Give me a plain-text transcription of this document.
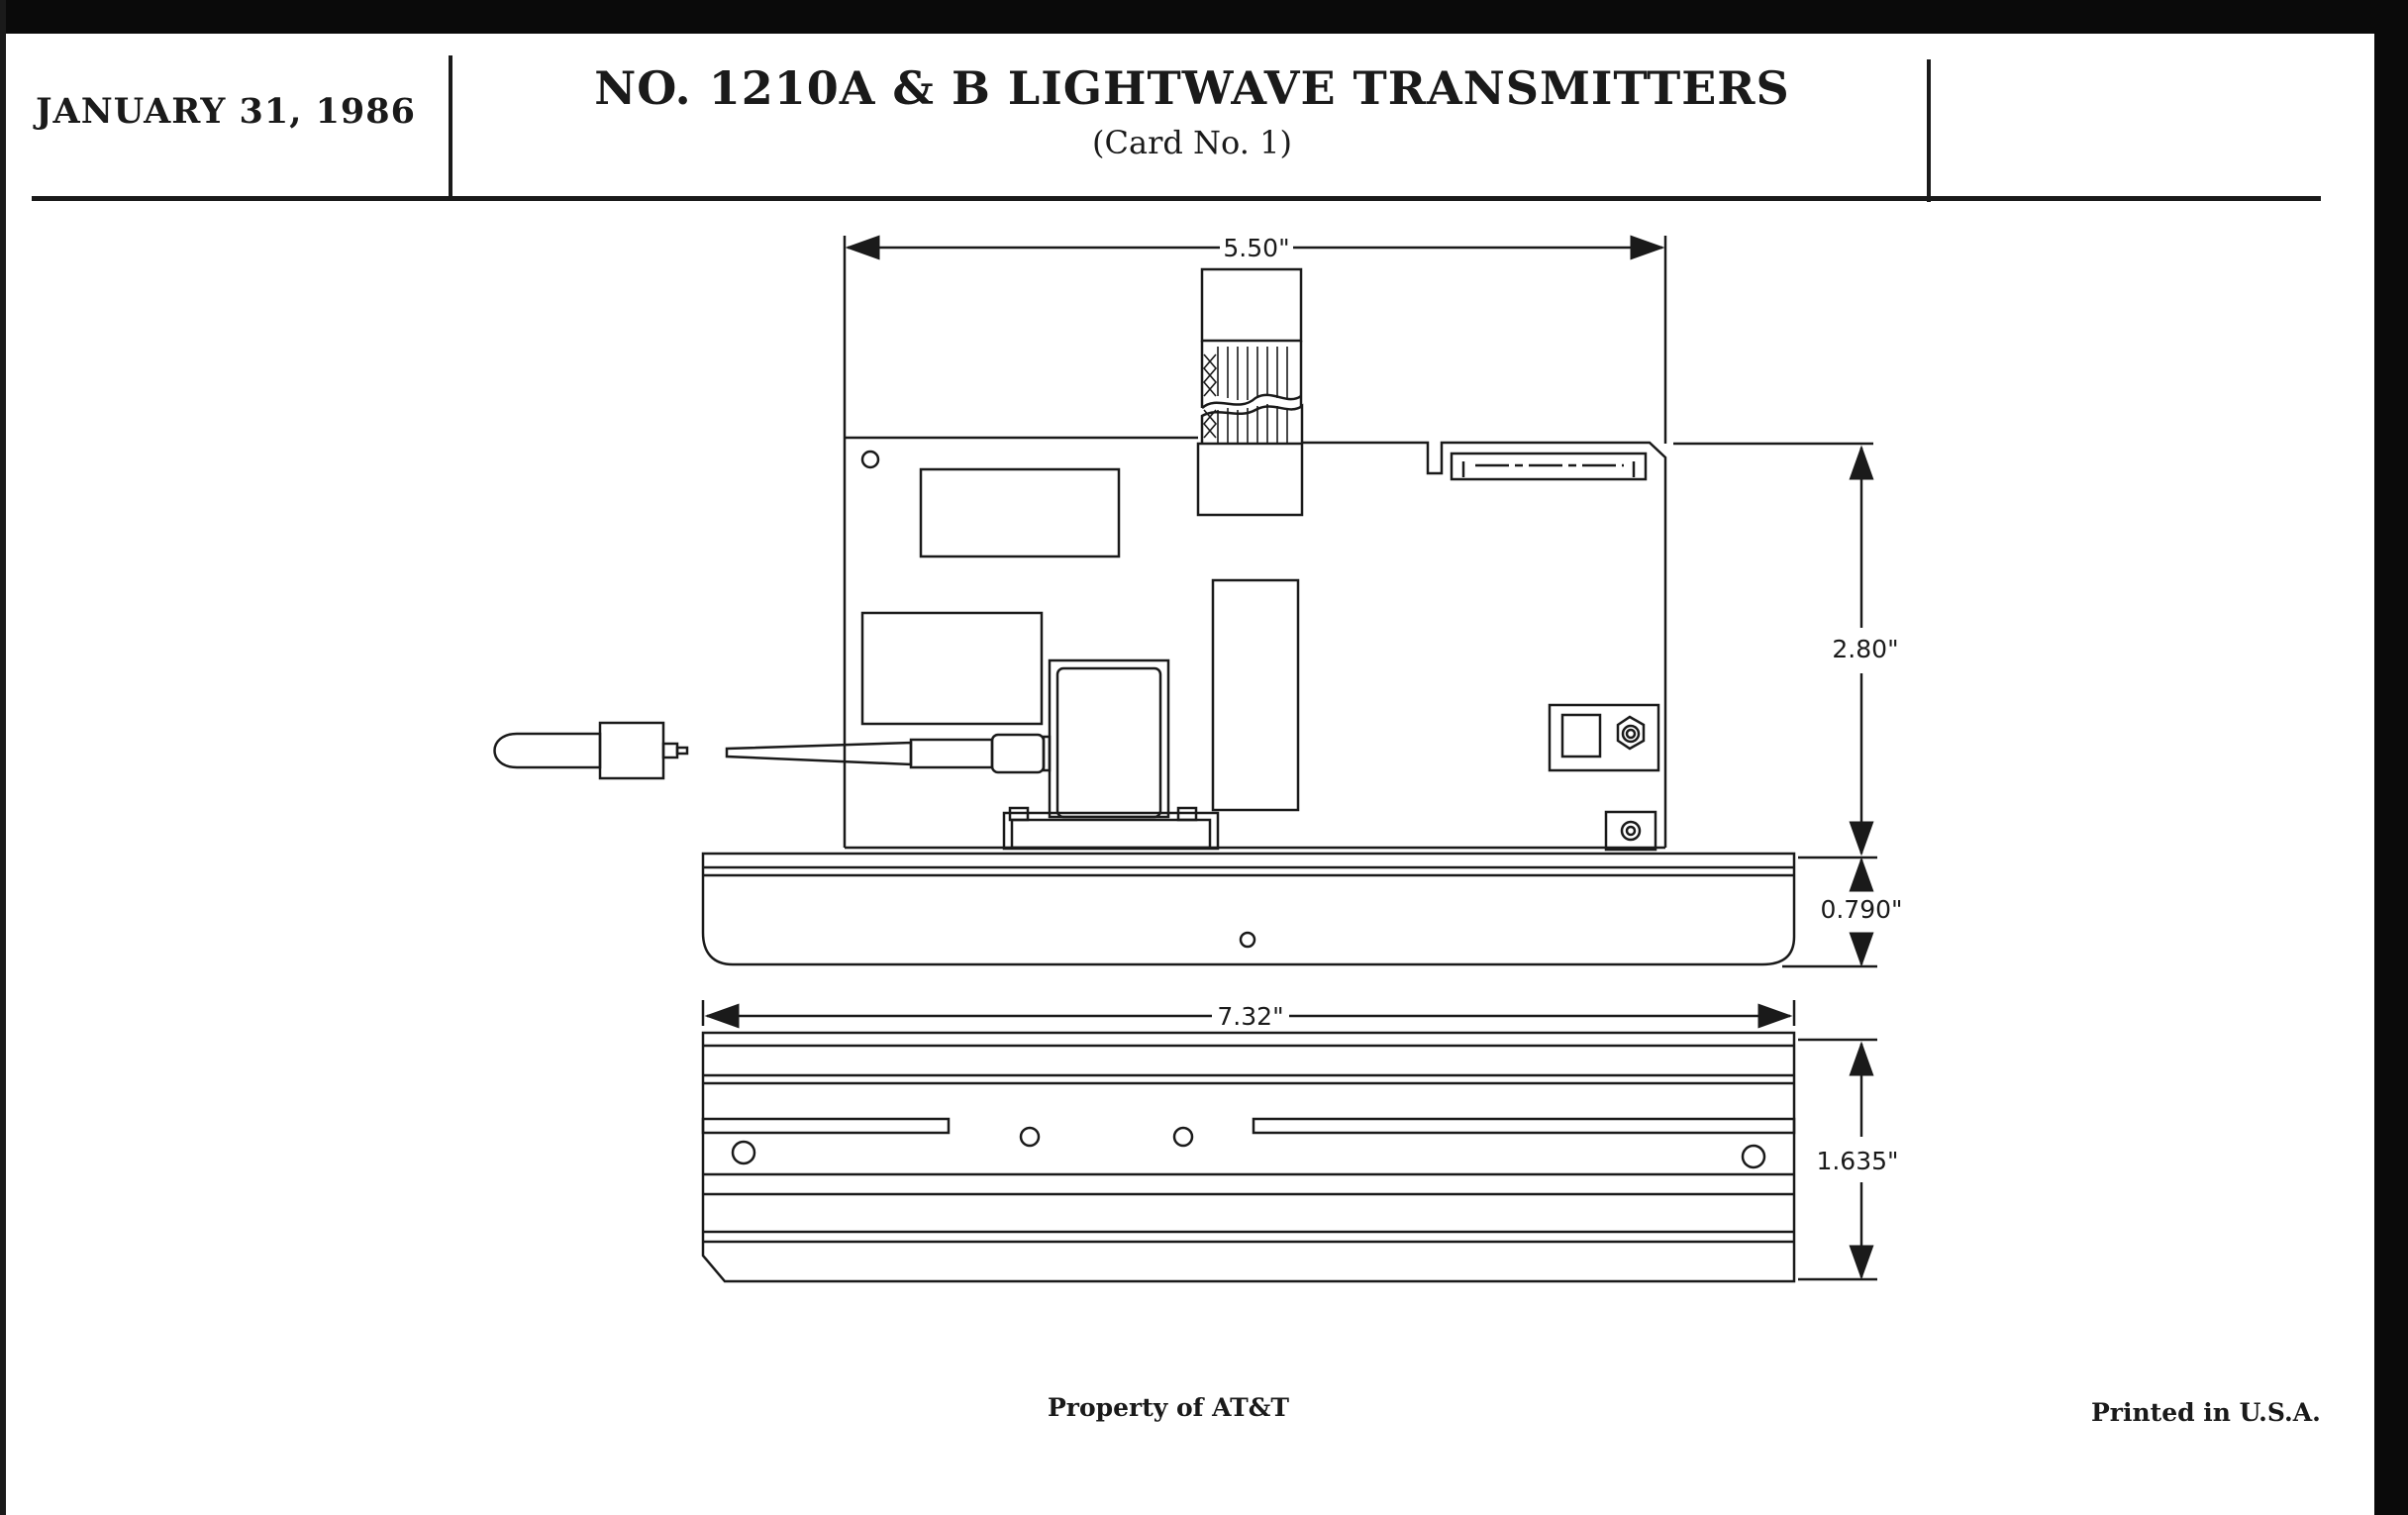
JANUARY 31, 1986	NO. 1210A & B LIGHTWAVE TRANSMITTERS
(Card No. 1)
5.50"
2.80"
0.790"
7.32"
1.635"
Property of AT&T	Printed in U.S.A.
